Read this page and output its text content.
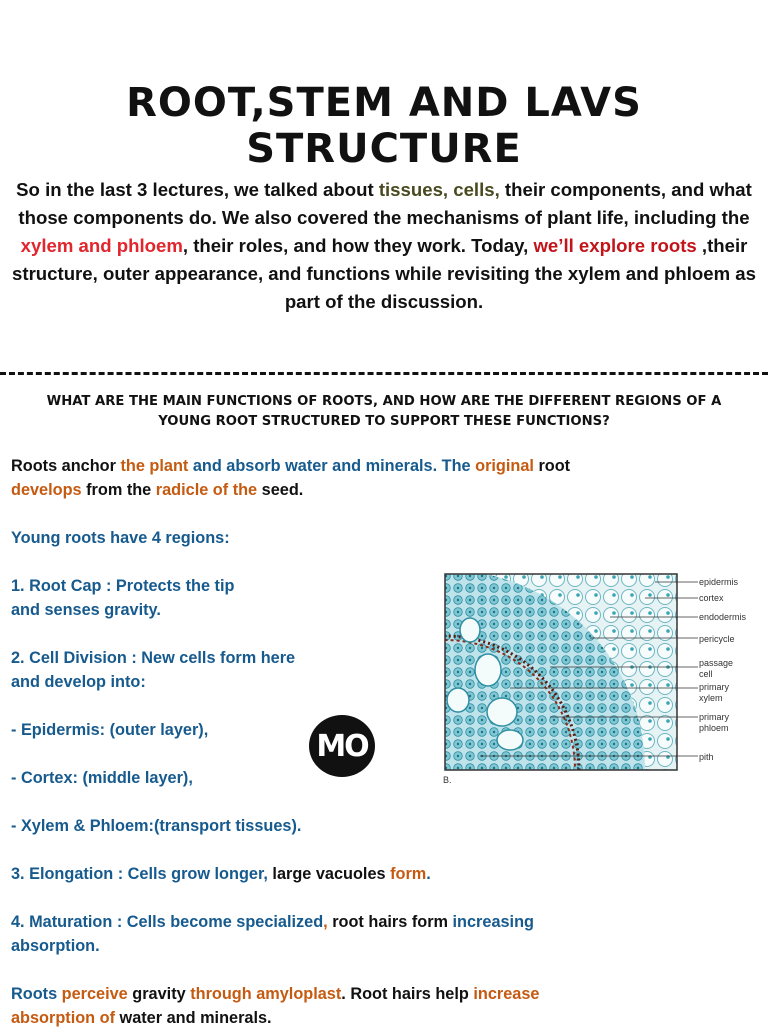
ROOT,STEM AND LAVS STRUCTURE
So in the last 3 lectures, we talked about tissues, cells, their components, and what those components do. We also covered the mechanisms of plant life, including the xylem and phloem, their roles, and how they work. Today, we’ll explore roots ,their structure, outer appearance, and functions while revisiting the xylem and phloem as part of the discussion.
WHAT ARE THE MAIN FUNCTIONS OF ROOTS, AND HOW ARE THE DIFFERENT REGIONS OF A YOUNG ROOT STRUCTURED TO SUPPORT THESE FUNCTIONS?

Roots anchor the plant and absorb water and minerals. The original root
develops from the radicle of the seed.

Young roots have 4 regions:

1. Root Cap : Protects the tip
and senses gravity.

2. Cell Division : New cells form here
and develop into:

- Epidermis: (outer layer),

- Cortex: (middle layer),

- Xylem & Phloem:(transport tissues).

3. Elongation : Cells grow longer, large vacuoles form.

4. Maturation : Cells become specialized, root hairs form increasing
absorption.

Roots perceive gravity through amyloplast. Root hairs help increase
absorption of water and minerals.

epidermis
cortex
endodermis
pericycle
passage
cell
primary
xylem
primary
phloem
pith
B.
MO
